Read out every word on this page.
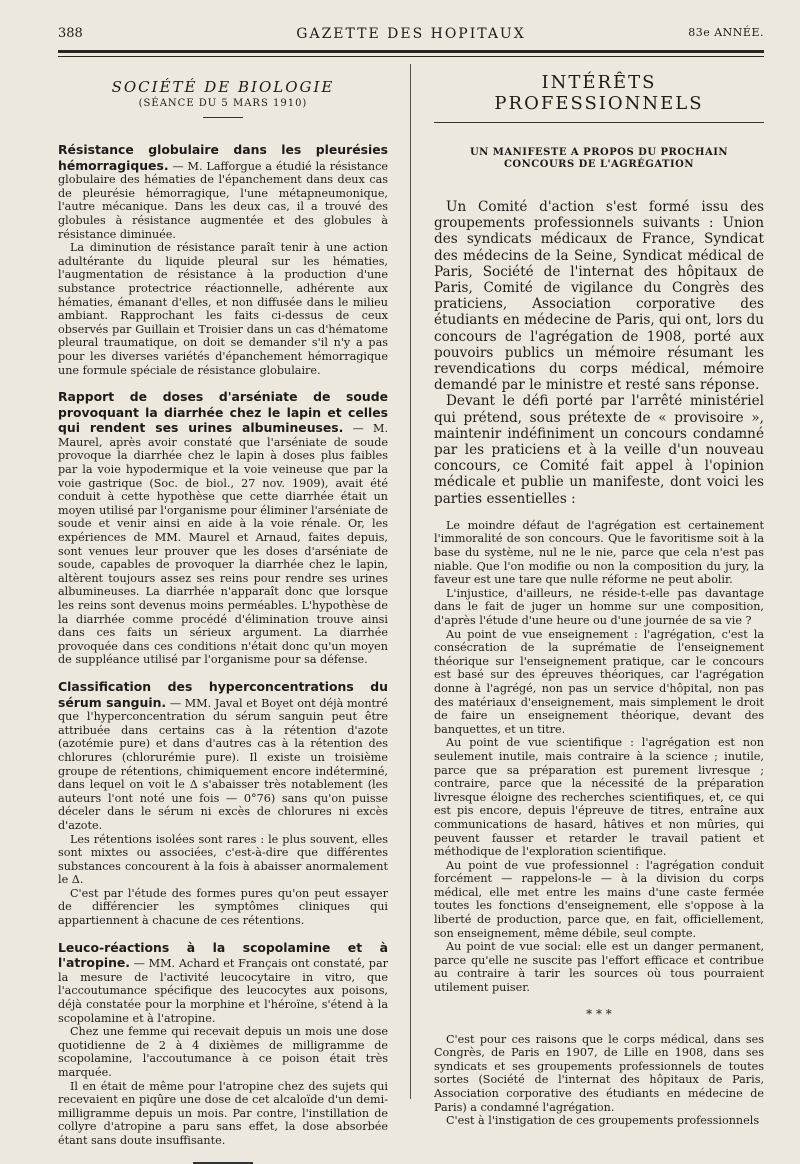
388	GAZETTE DES HOPITAUX	83e ANNÉE.
SOCIÉTÉ DE BIOLOGIE
(SÉANCE DU 5 MARS 1910)

Résistance globulaire dans les pleurésies hémorragiques. — M. Lafforgue a étudié la résistance globulaire des hématies de l'épanchement dans deux cas de pleurésie hémorragique, l'une métapneumonique, l'autre mécanique. Dans les deux cas, il a trouvé des globules à résistance augmentée et des globules à résistance diminuée.

La diminution de résistance paraît tenir à une action adultérante du liquide pleural sur les hématies, l'augmentation de résistance à la production d'une substance protectrice réactionnelle, adhérente aux hématies, émanant d'elles, et non diffusée dans le milieu ambiant. Rapprochant les faits ci-dessus de ceux observés par Guillain et Troisier dans un cas d'hématome pleural traumatique, on doit se demander s'il n'y a pas pour les diverses variétés d'épanchement hémorragique une formule spéciale de résistance globulaire.

Rapport de doses d'arséniate de soude provoquant la diarrhée chez le lapin et celles qui rendent ses urines albumineuses. — M. Maurel, après avoir constaté que l'arséniate de soude provoque la diarrhée chez le lapin à doses plus faibles par la voie hypodermique et la voie veineuse que par la voie gastrique (Soc. de biol., 27 nov. 1909), avait été conduit à cette hypothèse que cette diarrhée était un moyen utilisé par l'organisme pour éliminer l'arséniate de soude et venir ainsi en aide à la voie rénale. Or, les expériences de MM. Maurel et Arnaud, faites depuis, sont venues leur prouver que les doses d'arséniate de soude, capables de provoquer la diarrhée chez le lapin, altèrent toujours assez ses reins pour rendre ses urines albumineuses. La diarrhée n'apparaît donc que lorsque les reins sont devenus moins perméables. L'hypothèse de la diarrhée comme procédé d'élimination trouve ainsi dans ces faits un sérieux argument. La diarrhée provoquée dans ces conditions n'était donc qu'un moyen de suppléance utilisé par l'organisme pour sa défense.

Classification des hyperconcentrations du sérum sanguin. — MM. Javal et Boyet ont déjà montré que l'hyperconcentration du sérum sanguin peut être attribuée dans certains cas à la rétention d'azote (azotémie pure) et dans d'autres cas à la rétention des chlorures (chlorurémie pure). Il existe un troisième groupe de rétentions, chimiquement encore indéterminé, dans lequel on voit le Δ s'abaisser très notablement (les auteurs l'ont noté une fois — 0°76) sans qu'on puisse déceler dans le sérum ni excès de chlorures ni excès d'azote.

Les rétentions isolées sont rares : le plus souvent, elles sont mixtes ou associées, c'est-à-dire que différentes substances concourent à la fois à abaisser anormalement le Δ.

C'est par l'étude des formes pures qu'on peut essayer de différencier les symptômes cliniques qui appartiennent à chacune de ces rétentions.

Leuco-réactions à la scopolamine et à l'atropine. — MM. Achard et Français ont constaté, par la mesure de l'activité leucocytaire in vitro, que l'accoutumance spécifique des leucocytes aux poisons, déjà constatée pour la morphine et l'héroïne, s'étend à la scopolamine et à l'atropine.

Chez une femme qui recevait depuis un mois une dose quotidienne de 2 à 4 dixièmes de milligramme de scopolamine, l'accoutumance à ce poison était très marquée.

Il en était de même pour l'atropine chez des sujets qui recevaient en piqûre une dose de cet alcaloïde d'un demi-milligramme depuis un mois. Par contre, l'instillation de collyre d'atropine a paru sans effet, la dose absorbée étant sans doute insuffisante.

INTÉRÊTS PROFESSIONNELS
UN MANIFESTE A PROPOS DU PROCHAIN CONCOURS DE L'AGRÉGATION

Un Comité d'action s'est formé issu des groupements professionnels suivants : Union des syndicats médicaux de France, Syndicat des médecins de la Seine, Syndicat médical de Paris, Société de l'internat des hôpitaux de Paris, Comité de vigilance du Congrès des praticiens, Association corporative des étudiants en médecine de Paris, qui ont, lors du concours de l'agrégation de 1908, porté aux pouvoirs publics un mémoire résumant les revendications du corps médical, mémoire demandé par le ministre et resté sans réponse.

Devant le défi porté par l'arrêté ministériel qui prétend, sous prétexte de « provisoire », maintenir indéfiniment un concours condamné par les praticiens et à la veille d'un nouveau concours, ce Comité fait appel à l'opinion médicale et publie un manifeste, dont voici les parties essentielles :

Le moindre défaut de l'agrégation est certainement l'immoralité de son concours. Que le favoritisme soit à la base du système, nul ne le nie, parce que cela n'est pas niable. Que l'on modifie ou non la composition du jury, la faveur est une tare que nulle réforme ne peut abolir.

L'injustice, d'ailleurs, ne réside-t-elle pas davantage dans le fait de juger un homme sur une composition, d'après l'étude d'une heure ou d'une journée de sa vie ?

Au point de vue enseignement : l'agrégation, c'est la consécration de la suprématie de l'enseignement théorique sur l'enseignement pratique, car le concours est basé sur des épreuves théoriques, car l'agrégation donne à l'agrégé, non pas un service d'hôpital, non pas des matériaux d'enseignement, mais simplement le droit de faire un enseignement théorique, devant des banquettes, et un titre.

Au point de vue scientifique : l'agrégation est non seulement inutile, mais contraire à la science ; inutile, parce que sa préparation est purement livresque ; contraire, parce que la nécessité de la préparation livresque éloigne des recherches scientifiques, et, ce qui est pis encore, depuis l'épreuve de titres, entraîne aux communications de hasard, hâtives et non mûries, qui peuvent fausser et retarder le travail patient et méthodique de l'exploration scientifique.

Au point de vue professionnel : l'agrégation conduit forcément — rappelons-le — à la division du corps médical, elle met entre les mains d'une caste fermée toutes les fonctions d'enseignement, elle s'oppose à la liberté de production, parce que, en fait, officiellement, son enseignement, même débile, seul compte.

Au point de vue social: elle est un danger permanent, parce qu'elle ne suscite pas l'effort efficace et contribue au contraire à tarir les sources où tous pourraient utilement puiser.

* * *

C'est pour ces raisons que le corps médical, dans ses Congrès, de Paris en 1907, de Lille en 1908, dans ses syndicats et ses groupements professionnels de toutes sortes (Société de l'internat des hôpitaux de Paris, Association corporative des étudiants en médecine de Paris) a condamné l'agrégation.

C'est à l'instigation de ces groupements professionnels
